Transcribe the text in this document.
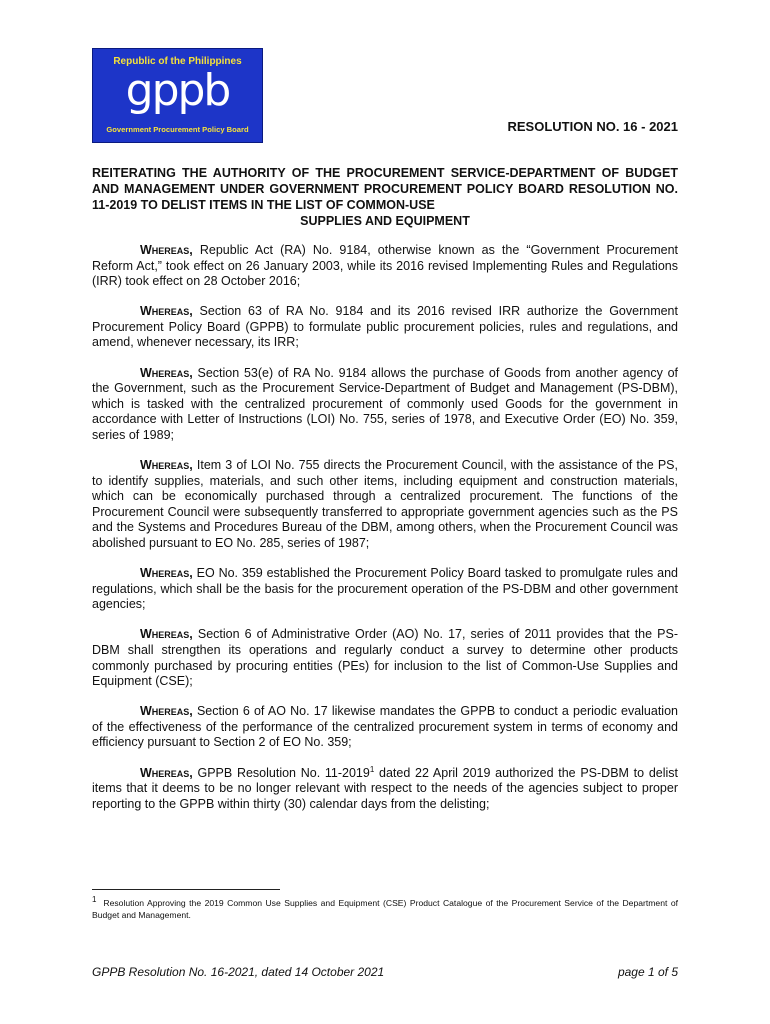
Republic of the Philippines
gppb
Government Procurement Policy Board	RESOLUTION NO. 16 - 2021
REITERATING THE AUTHORITY OF THE PROCUREMENT SERVICE-DEPARTMENT OF BUDGET AND MANAGEMENT UNDER GOVERNMENT PROCUREMENT POLICY BOARD RESOLUTION NO. 11-2019 TO DELIST ITEMS IN THE LIST OF COMMON-USE
SUPPLIES AND EQUIPMENT

Whereas, Republic Act (RA) No. 9184, otherwise known as the “Government Procurement Reform Act,” took effect on 26 January 2003, while its 2016 revised Implementing Rules and Regulations (IRR) took effect on 28 October 2016;

Whereas, Section 63 of RA No. 9184 and its 2016 revised IRR authorize the Government Procurement Policy Board (GPPB) to formulate public procurement policies, rules and regulations, and amend, whenever necessary, its IRR;

Whereas, Section 53(e) of RA No. 9184 allows the purchase of Goods from another agency of the Government, such as the Procurement Service-Department of Budget and Management (PS-DBM), which is tasked with the centralized procurement of commonly used Goods for the government in accordance with Letter of Instructions (LOI) No. 755, series of 1978, and Executive Order (EO) No. 359, series of 1989;

Whereas, Item 3 of LOI No. 755 directs the Procurement Council, with the assistance of the PS, to identify supplies, materials, and such other items, including equipment and construction materials, which can be economically purchased through a centralized procurement. The functions of the Procurement Council were subsequently transferred to appropriate government agencies such as the PS and the Systems and Procedures Bureau of the DBM, among others, when the Procurement Council was abolished pursuant to EO No. 285, series of 1987;

Whereas, EO No. 359 established the Procurement Policy Board tasked to promulgate rules and regulations, which shall be the basis for the procurement operation of the PS-DBM and other government agencies;

Whereas, Section 6 of Administrative Order (AO) No. 17, series of 2011 provides that the PS-DBM shall strengthen its operations and regularly conduct a survey to determine other products commonly purchased by procuring entities (PEs) for inclusion to the list of Common-Use Supplies and Equipment (CSE);

Whereas, Section 6 of AO No. 17 likewise mandates the GPPB to conduct a periodic evaluation of the effectiveness of the performance of the centralized procurement system in terms of economy and efficiency pursuant to Section 2 of EO No. 359;

Whereas, GPPB Resolution No. 11-2019$^1$ dated 22 April 2019 authorized the PS-DBM to delist items that it deems to be no longer relevant with respect to the needs of the agencies subject to proper reporting to the GPPB within thirty (30) calendar days from the delisting;

$^1$ Resolution Approving the 2019 Common Use Supplies and Equipment (CSE) Product Catalogue of the Procurement Service of the Department of Budget and Management.
GPPB Resolution No. 16-2021, dated 14 October 2021	page 1 of 5
